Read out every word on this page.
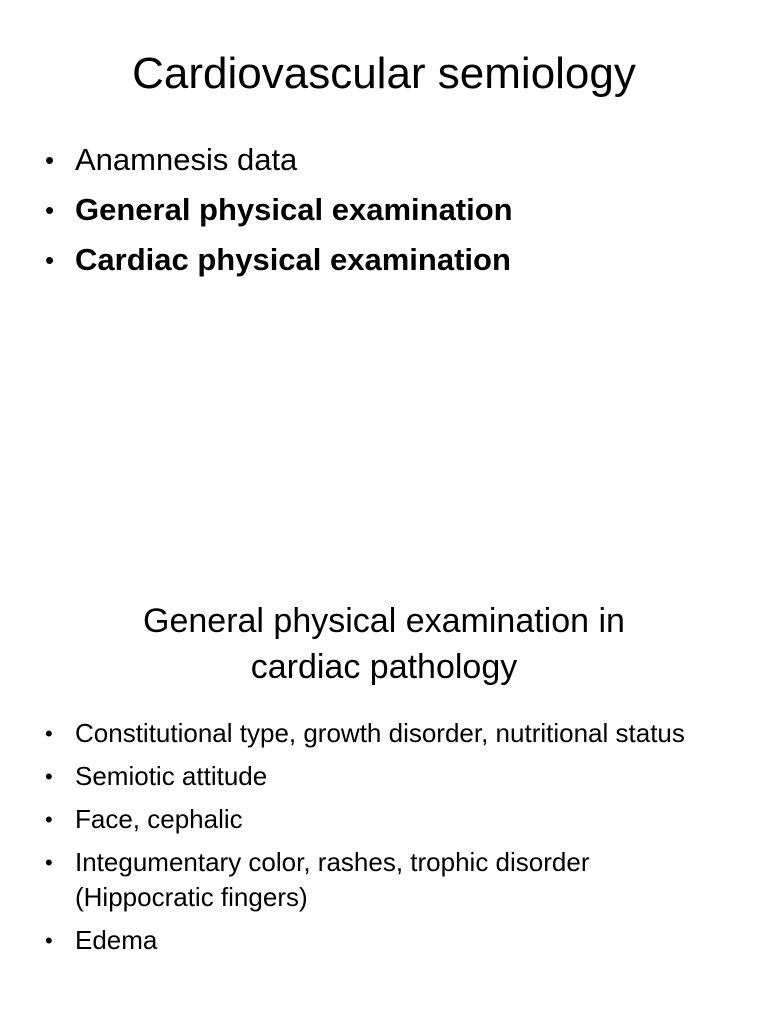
Cardiovascular semiology
• Anamnesis data
• General physical examination
• Cardiac physical examination
General physical examination in
cardiac pathology
• Constitutional type, growth disorder, nutritional status
• Semiotic attitude
• Face, cephalic
• Integumentary color, rashes, trophic disorder (Hippocratic fingers)
• Edema
